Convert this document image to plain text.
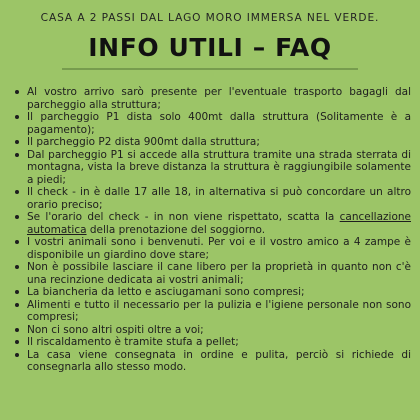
CASA A 2 PASSI DAL LAGO MORO IMMERSA NEL VERDE.
INFO UTILI – FAQ
Al vostro arrivo sarò presente per l'eventuale trasporto bagagli dal parcheggio alla struttura;
Il parcheggio P1 dista solo 400mt dalla struttura (Solitamente è a pagamento);
Il parcheggio P2 dista 900mt dalla struttura;
Dal parcheggio P1 si accede alla struttura tramite una strada sterrata di montagna, vista la breve distanza la struttura è raggiungibile solamente a piedi;
Il check - in è dalle 17 alle 18, in alternativa si può concordare un altro orario preciso;
Se l'orario del check - in non viene rispettato, scatta la cancellazione automatica della prenotazione del soggiorno.
I vostri animali sono i benvenuti. Per voi e il vostro amico a 4 zampe è disponibile un giardino dove stare;
Non è possibile lasciare il cane libero per la proprietà in quanto non c'è una recinzione dedicata ai vostri animali;
La biancheria da letto e asciugamani sono compresi;
Alimenti e tutto il necessario per la pulizia e l'igiene personale non sono compresi;
Non ci sono altri ospiti oltre a voi;
Il riscaldamento è tramite stufa a pellet;
La casa viene consegnata in ordine e pulita, perciò si richiede di consegnarla allo stesso modo.
